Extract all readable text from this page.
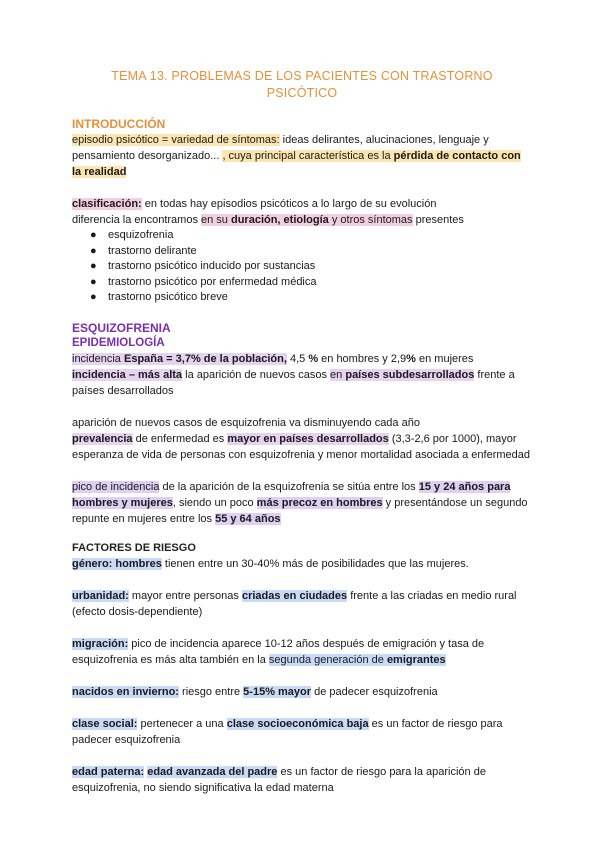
TEMA 13. PROBLEMAS DE LOS PACIENTES CON TRASTORNO
PSICÓTICO

INTRODUCCIÓN

episodio psicótico = variedad de síntomas: ideas delirantes, alucinaciones, lenguaje y pensamiento desorganizado... , cuya principal característica es la pérdida de contacto con la realidad

clasificación: en todas hay episodios psicóticos a lo largo de su evolución

diferencia la encontramos en su duración, etiología y otros síntomas presentes

● esquizofrenia
● trastorno delirante
● trastorno psicótico inducido por sustancias
● trastorno psicótico por enfermedad médica
● trastorno psicótico breve

ESQUIZOFRENIA

EPIDEMIOLOGÍA

incidencia España = 3,7% de la población, 4,5 % en hombres y 2,9% en mujeres

incidencia – más alta la aparición de nuevos casos en países subdesarrollados frente a países desarrollados

aparición de nuevos casos de esquizofrenia va disminuyendo cada año

prevalencia de enfermedad es mayor en países desarrollados (3,3-2,6 por 1000), mayor esperanza de vida de personas con esquizofrenia y menor mortalidad asociada a enfermedad

pico de incidencia de la aparición de la esquizofrenia se sitúa entre los 15 y 24 años para hombres y mujeres, siendo un poco más precoz en hombres y presentándose un segundo repunte en mujeres entre los 55 y 64 años

FACTORES DE RIESGO

género: hombres tienen entre un 30-40% más de posibilidades que las mujeres.

urbanidad: mayor entre personas criadas en ciudades frente a las criadas en medio rural (efecto dosis-dependiente)

migración: pico de incidencia aparece 10-12 años después de emigración y tasa de esquizofrenia es más alta también en la segunda generación de emigrantes

nacidos en invierno: riesgo entre 5-15% mayor de padecer esquizofrenia

clase social: pertenecer a una clase socioeconómica baja es un factor de riesgo para padecer esquizofrenia

edad paterna: edad avanzada del padre es un factor de riesgo para la aparición de esquizofrenia, no siendo significativa la edad materna
